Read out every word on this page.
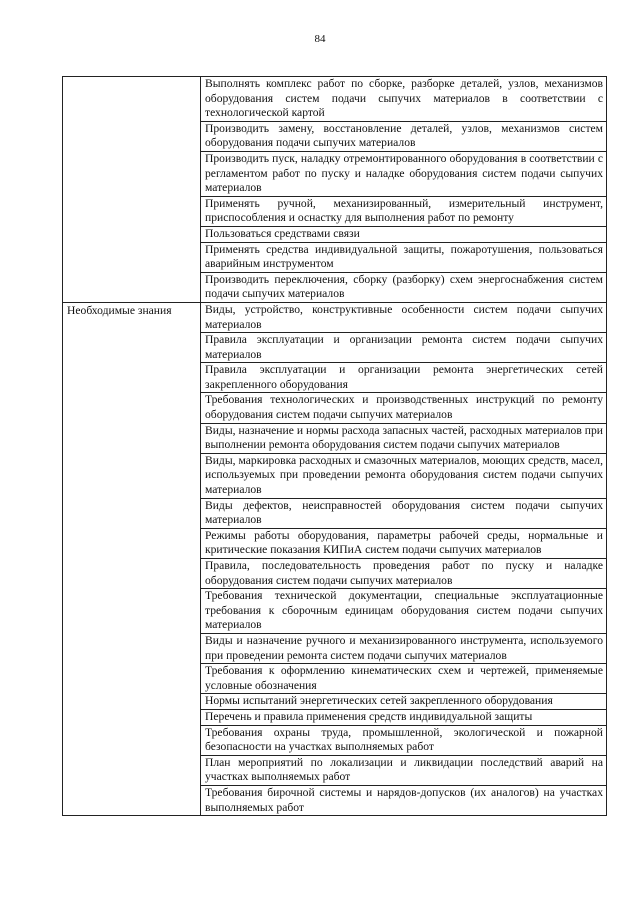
84
	Выполнять комплекс работ по сборке, разборке деталей, узлов, механизмов оборудования систем подачи сыпучих материалов в соответствии с технологической картой
	Производить замену, восстановление деталей, узлов, механизмов систем оборудования подачи сыпучих материалов
	Производить пуск, наладку отремонтированного оборудования в соответствии с регламентом работ по пуску и наладке оборудования систем подачи сыпучих материалов
	Применять ручной, механизированный, измерительный инструмент, приспособления и оснастку для выполнения работ по ремонту
	Пользоваться средствами связи
	Применять средства индивидуальной защиты, пожаротушения, пользоваться аварийным инструментом
	Производить переключения, сборку (разборку) схем энергоснабжения систем подачи сыпучих материалов
Необходимые знания	Виды, устройство, конструктивные особенности систем подачи сыпучих материалов
	Правила эксплуатации и организации ремонта систем подачи сыпучих материалов
	Правила эксплуатации и организации ремонта энергетических сетей закрепленного оборудования
	Требования технологических и производственных инструкций по ремонту оборудования систем подачи сыпучих материалов
	Виды, назначение и нормы расхода запасных частей, расходных материалов при выполнении ремонта оборудования систем подачи сыпучих материалов
	Виды, маркировка расходных и смазочных материалов, моющих средств, масел, используемых при проведении ремонта оборудования систем подачи сыпучих материалов
	Виды дефектов, неисправностей оборудования систем подачи сыпучих материалов
	Режимы работы оборудования, параметры рабочей среды, нормальные и критические показания КИПиА систем подачи сыпучих материалов
	Правила, последовательность проведения работ по пуску и наладке оборудования систем подачи сыпучих материалов
	Требования технической документации, специальные эксплуатационные требования к сборочным единицам оборудования систем подачи сыпучих материалов
	Виды и назначение ручного и механизированного инструмента, используемого при проведении ремонта систем подачи сыпучих материалов
	Требования к оформлению кинематических схем и чертежей, применяемые условные обозначения
	Нормы испытаний энергетических сетей закрепленного оборудования
	Перечень и правила применения средств индивидуальной защиты
	Требования охраны труда, промышленной, экологической и пожарной безопасности на участках выполняемых работ
	План мероприятий по локализации и ликвидации последствий аварий на участках выполняемых работ
	Требования бирочной системы и нарядов-допусков (их аналогов) на участках выполняемых работ
